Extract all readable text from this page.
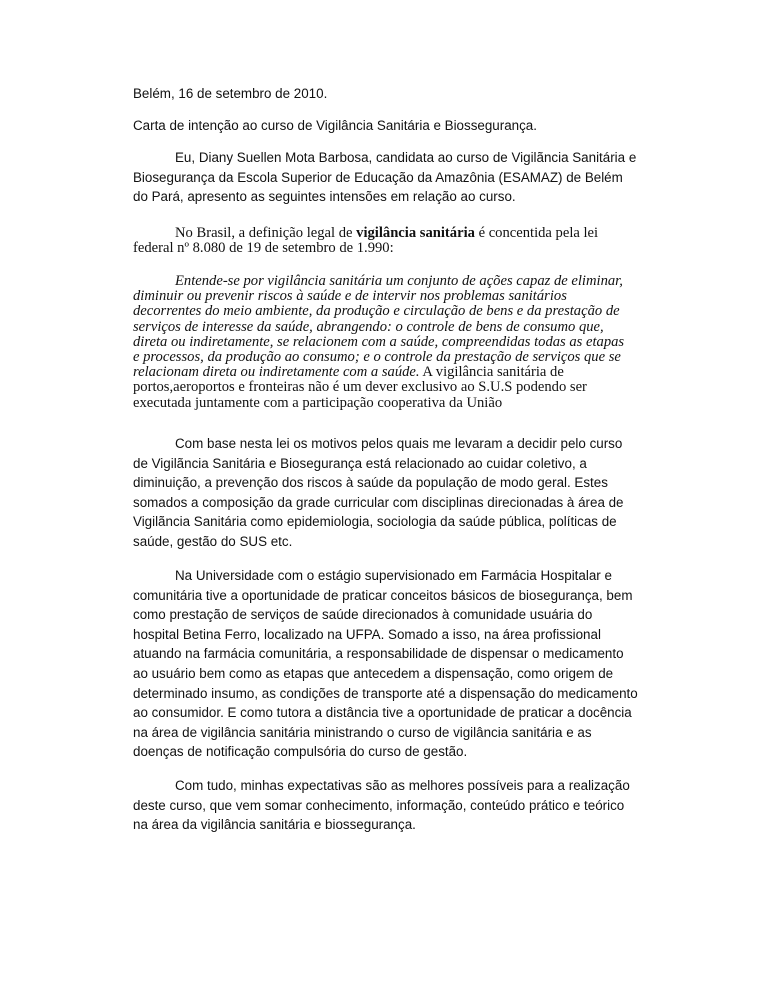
Belém, 16 de setembro de 2010.

Carta de intenção ao curso de Vigilância Sanitária e Biossegurança.

Eu, Diany Suellen Mota Barbosa, candidata ao curso de Vigilãncia Sanitária e Biosegurança da Escola Superior de Educação da Amazônia (ESAMAZ) de Belém do Pará, apresento as seguintes intensões em relação ao curso.

No Brasil, a definição legal de vigilância sanitária é concentida pela lei federal nº 8.080 de 19 de setembro de 1.990:

Entende-se por vigilância sanitária um conjunto de ações capaz de eliminar, diminuir ou prevenir riscos à saúde e de intervir nos problemas sanitários decorrentes do meio ambiente, da produção e circulação de bens e da prestação de serviços de interesse da saúde, abrangendo: o controle de bens de consumo que, direta ou indiretamente, se relacionem com a saúde, compreendidas todas as etapas e processos, da produção ao consumo; e o controle da prestação de serviços que se relacionam direta ou indiretamente com a saúde. A vigilância sanitária de portos,aeroportos e fronteiras não é um dever exclusivo ao S.U.S podendo ser executada juntamente com a participação cooperativa da União

Com base nesta lei os motivos pelos quais me levaram a decidir pelo curso de Vigilãncia Sanitária e Biosegurança está relacionado ao cuidar coletivo, a diminuição, a prevenção dos riscos à saúde da população de modo geral. Estes somados a composição da grade curricular com disciplinas direcionadas à área de Vigilãncia Sanitária como epidemiologia, sociologia da saúde pública, políticas de saúde, gestão do SUS etc.

Na Universidade com o estágio supervisionado em Farmácia Hospitalar e comunitária tive a oportunidade de praticar conceitos básicos de biosegurança, bem como prestação de serviços de saúde direcionados à comunidade usuária do hospital Betina Ferro, localizado na UFPA. Somado a isso, na área profissional atuando na farmácia comunitária, a responsabilidade de dispensar o medicamento ao usuário bem como as etapas que antecedem a dispensação, como origem de determinado insumo, as condições de transporte até a dispensação do medicamento ao consumidor. E como tutora a distância tive a oportunidade de praticar a docência na área de vigilância sanitária ministrando o curso de vigilância sanitária e as doenças de notificação compulsória do curso de gestão.

Com tudo, minhas expectativas são as melhores possíveis para a realização deste curso, que vem somar conhecimento, informação, conteúdo prático e teórico na área da vigilância sanitária e biossegurança.
